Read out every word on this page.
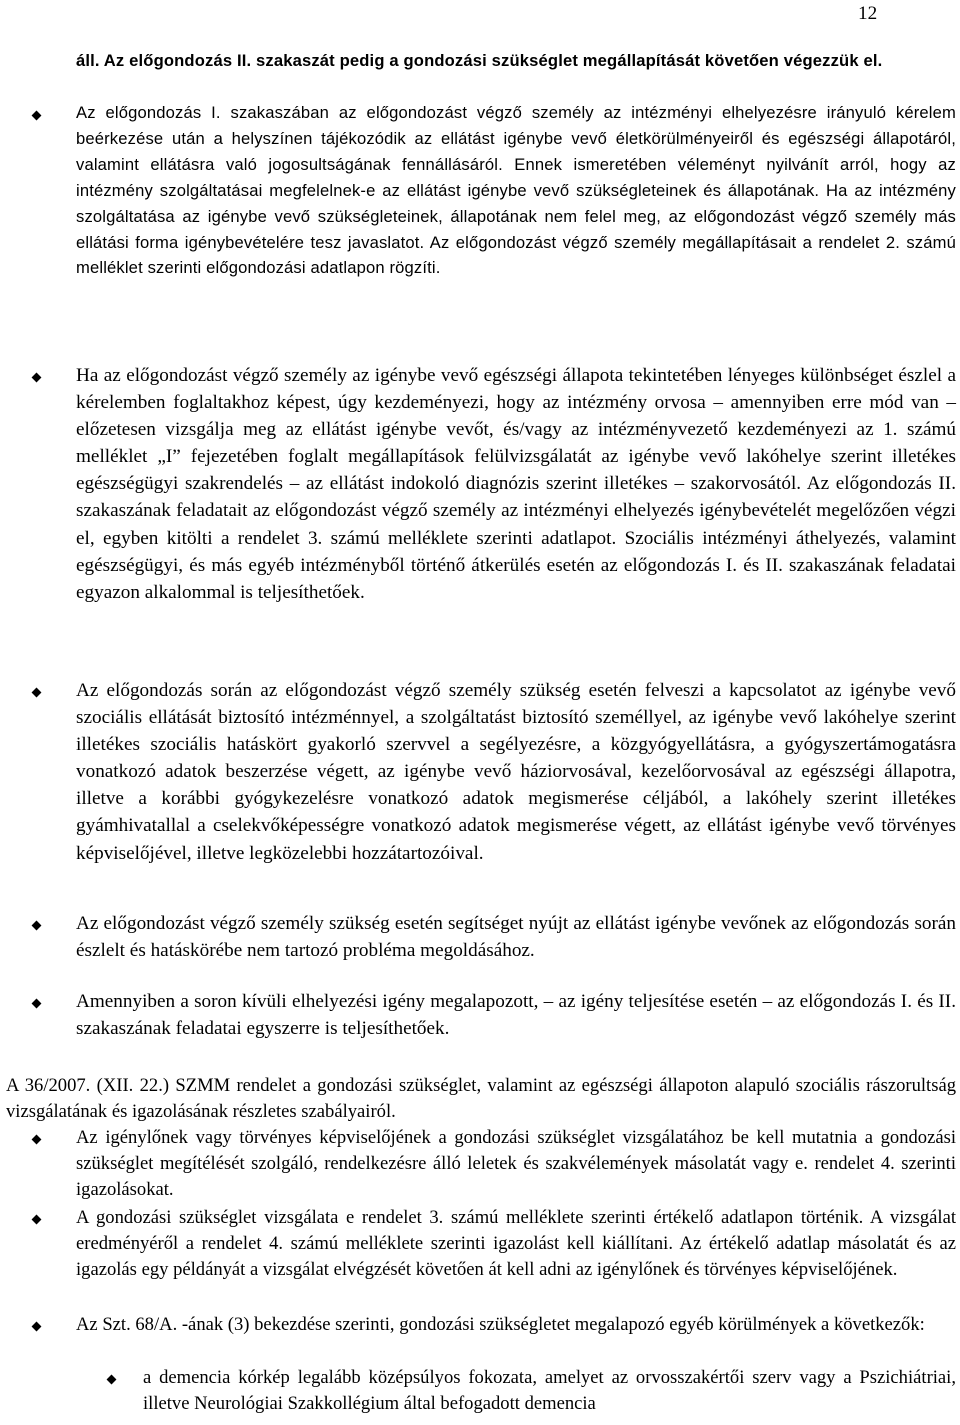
12

áll. Az előgondozás II. szakaszát pedig a gondozási szükséglet megállapítását követően végezzük el.

Az előgondozás I. szakaszában az előgondozást végző személy az intézményi elhelyezésre irányuló kérelem beérkezése után a helyszínen tájékozódik az ellátást igénybe vevő életkörülményeiről és egészségi állapotáról, valamint ellátásra való jogosultságának fennállásáról. Ennek ismeretében véleményt nyilvánít arról, hogy az intézmény szolgáltatásai megfelelnek-e az ellátást igénybe vevő szükségleteinek és állapotának. Ha az intézmény szolgáltatása az igénybe vevő szükségleteinek, állapotának nem felel meg, az előgondozást végző személy más ellátási forma igénybevételére tesz javaslatot. Az előgondozást végző személy megállapításait a rendelet 2. számú melléklet szerinti előgondozási adatlapon rögzíti.

Ha az előgondozást végző személy az igénybe vevő egészségi állapota tekintetében lényeges különbséget észlel a kérelemben foglaltakhoz képest, úgy kezdeményezi, hogy az intézmény orvosa – amennyiben erre mód van – előzetesen vizsgálja meg az ellátást igénybe vevőt, és/vagy az intézményvezető kezdeményezi az 1. számú melléklet „I” fejezetében foglalt megállapítások felülvizsgálatát az igénybe vevő lakóhelye szerint illetékes egészségügyi szakrendelés – az ellátást indokoló diagnózis szerint illetékes – szakorvosától. Az előgondozás II. szakaszának feladatait az előgondozást végző személy az intézményi elhelyezés igénybevételét megelőzően végzi el, egyben kitölti a rendelet 3. számú melléklete szerinti adatlapot. Szociális intézményi áthelyezés, valamint egészségügyi, és más egyéb intézményből történő átkerülés esetén az előgondozás I. és II. szakaszának feladatai egyazon alkalommal is teljesíthetőek.

Az előgondozás során az előgondozást végző személy szükség esetén felveszi a kapcsolatot az igénybe vevő szociális ellátását biztosító intézménnyel, a szolgáltatást biztosító személlyel, az igénybe vevő lakóhelye szerint illetékes szociális hatáskört gyakorló szervvel a segélyezésre, a közgyógyellátásra, a gyógyszertámogatásra vonatkozó adatok beszerzése végett, az igénybe vevő háziorvosával, kezelőorvosával az egészségi állapotra, illetve a korábbi gyógykezelésre vonatkozó adatok megismerése céljából, a lakóhely szerint illetékes gyámhivatallal a cselekvőképességre vonatkozó adatok megismerése végett, az ellátást igénybe vevő törvényes képviselőjével, illetve legközelebbi hozzátartozóival.

Az előgondozást végző személy szükség esetén segítséget nyújt az ellátást igénybe vevőnek az előgondozás során észlelt és hatáskörébe nem tartozó probléma megoldásához.

Amennyiben a soron kívüli elhelyezési igény megalapozott, – az igény teljesítése esetén – az előgondozás I. és II. szakaszának feladatai egyszerre is teljesíthetőek.

A 36/2007. (XII. 22.) SZMM rendelet a gondozási szükséglet, valamint az egészségi állapoton alapuló szociális rászorultság vizsgálatának és igazolásának részletes szabályairól.

Az igénylőnek vagy törvényes képviselőjének a gondozási szükséglet vizsgálatához be kell mutatnia a gondozási szükséglet megítélését szolgáló, rendelkezésre álló leletek és szakvélemények másolatát vagy e. rendelet 4. szerinti igazolásokat.

A gondozási szükséglet vizsgálata e rendelet 3. számú melléklete szerinti értékelő adatlapon történik. A vizsgálat eredményéről a rendelet 4. számú melléklete szerinti igazolást kell kiállítani. Az értékelő adatlap másolatát és az igazolás egy példányát a vizsgálat elvégzését követően át kell adni az igénylőnek és törvényes képviselőjének.

Az Szt. 68/A. -ának (3) bekezdése szerinti, gondozási szükségletet megalapozó egyéb körülmények a következők:

a demencia kórkép legalább középsúlyos fokozata, amelyet az orvosszakértői szerv vagy a Pszichiátriai, illetve Neurológiai Szakkollégium által befogadott demencia
